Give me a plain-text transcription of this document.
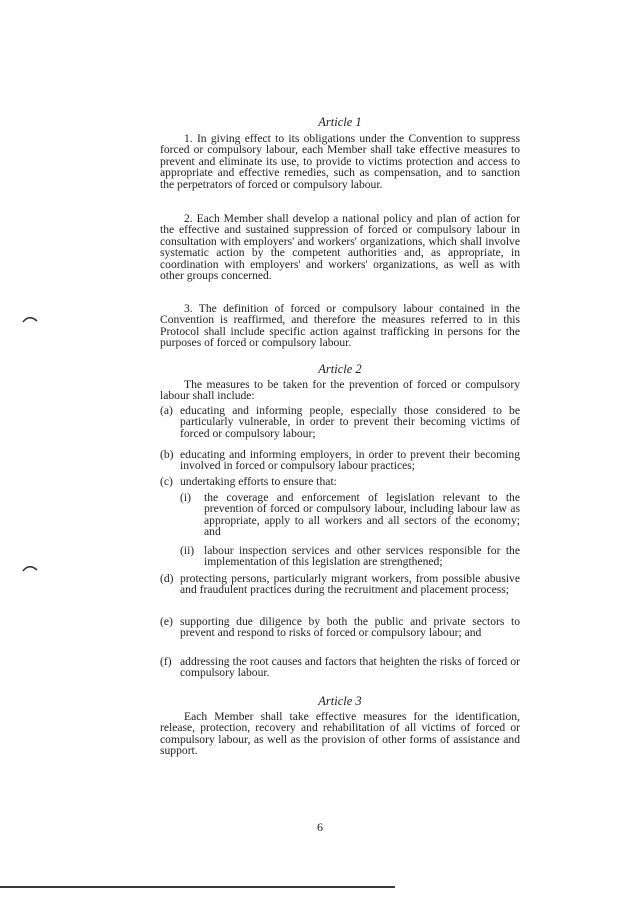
Article 1

1. In giving effect to its obligations under the Convention to suppress forced or compulsory labour, each Member shall take effective measures to prevent and eliminate its use, to provide to victims protection and access to appropriate and effective remedies, such as compensation, and to sanction the perpetrators of forced or compulsory labour.

2. Each Member shall develop a national policy and plan of action for the effective and sustained suppression of forced or compulsory labour in consultation with employers' and workers' organizations, which shall involve systematic action by the competent authorities and, as appropriate, in coordination with employers' and workers' organizations, as well as with other groups concerned.

3. The definition of forced or compulsory labour contained in the Convention is reaffirmed, and therefore the measures referred to in this Protocol shall include specific action against trafficking in persons for the purposes of forced or compulsory labour.

Article 2

The measures to be taken for the prevention of forced or compulsory labour shall include:

(a) educating and informing people, especially those considered to be particularly vulnerable, in order to prevent their becoming victims of forced or compulsory labour;
(b) educating and informing employers, in order to prevent their becoming involved in forced or compulsory labour practices;
(c) undertaking efforts to ensure that:
(i) the coverage and enforcement of legislation relevant to the prevention of forced or compulsory labour, including labour law as appropriate, apply to all workers and all sectors of the economy; and
(ii) labour inspection services and other services responsible for the implementation of this legislation are strengthened;
(d) protecting persons, particularly migrant workers, from possible abusive and fraudulent practices during the recruitment and placement process;
(e) supporting due diligence by both the public and private sectors to prevent and respond to risks of forced or compulsory labour; and
(f) addressing the root causes and factors that heighten the risks of forced or compulsory labour.
Article 3

Each Member shall take effective measures for the identification, release, protection, recovery and rehabilitation of all victims of forced or compulsory labour, as well as the provision of other forms of assistance and support.

6
